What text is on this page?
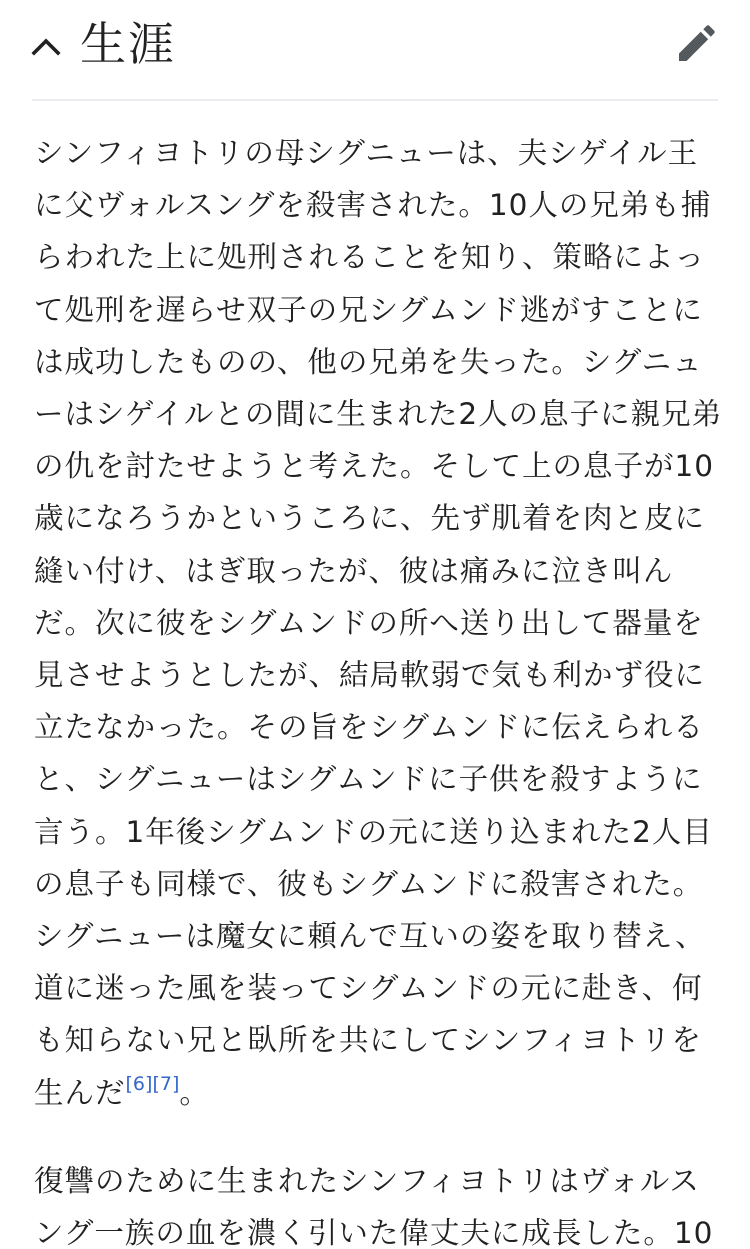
生涯

シンフィヨトリの母シグニューは、夫シゲイル王
に父ヴォルスングを殺害された。10人の兄弟も捕
らわれた上に処刑されることを知り、策略によっ
て処刑を遅らせ双子の兄シグムンド逃がすことに
は成功したものの、他の兄弟を失った。シグニュ
ーはシゲイルとの間に生まれた2人の息子に親兄弟
の仇を討たせようと考えた。そして上の息子が10
歳になろうかというころに、先ず肌着を肉と皮に
縫い付け、はぎ取ったが、彼は痛みに泣き叫ん
だ。次に彼をシグムンドの所へ送り出して器量を
見させようとしたが、結局軟弱で気も利かず役に
立たなかった。その旨をシグムンドに伝えられる
と、シグニューはシグムンドに子供を殺すように
言う。1年後シグムンドの元に送り込まれた2人目
の息子も同様で、彼もシグムンドに殺害された。
シグニューは魔女に頼んで互いの姿を取り替え、
道に迷った風を装ってシグムンドの元に赴き、何
も知らない兄と臥所を共にしてシンフィヨトリを
生んだ[6][7]。

復讐のために生まれたシンフィヨトリはヴォルス
ング一族の血を濃く引いた偉丈夫に成長した。10
